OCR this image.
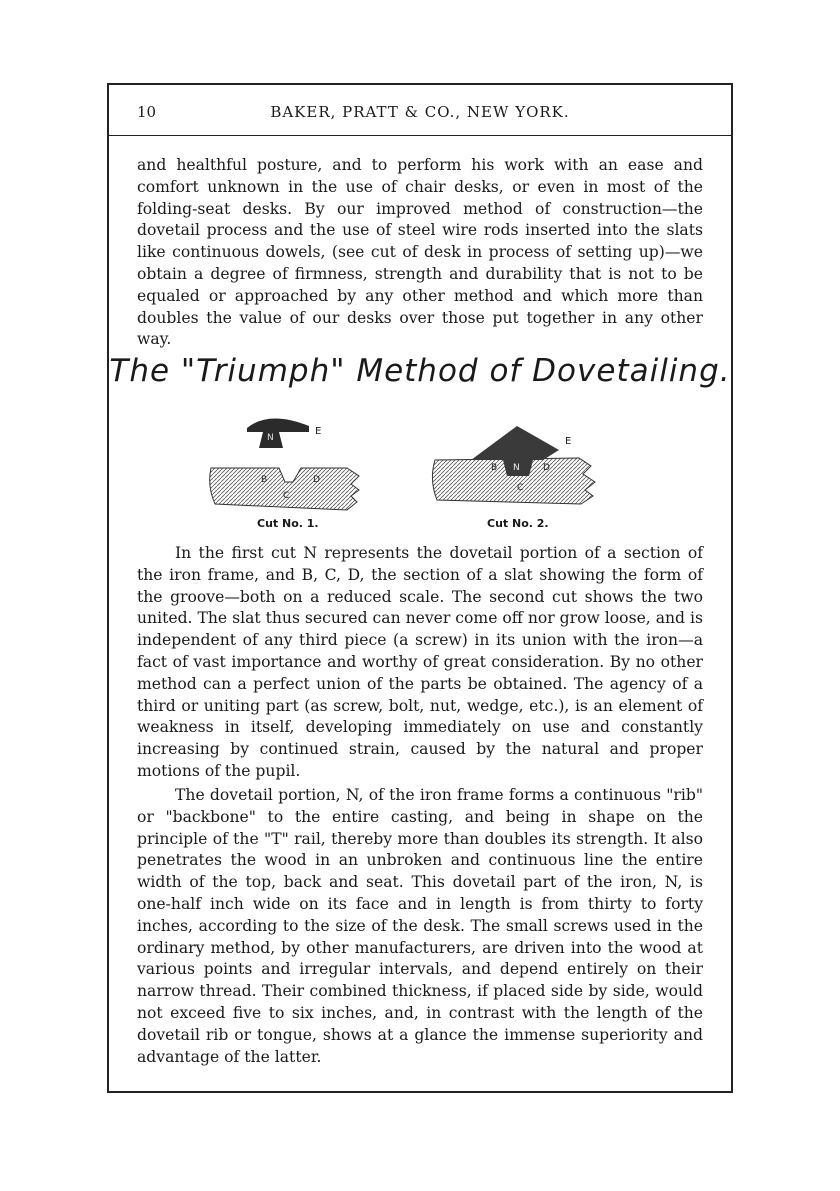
10	BAKER, PRATT & CO., NEW YORK.

and healthful posture, and to perform his work with an ease and comfort unknown in the use of chair desks, or even in most of the folding-seat desks. By our improved method of construction—the dovetail process and the use of steel wire rods inserted into the slats like continuous dowels, (see cut of desk in process of setting up)—we obtain a degree of firmness, strength and durability that is not to be equaled or approached by any other method and which more than doubles the value of our desks over those put together in any other way.

The "Triumph" Method of Dovetailing.
N
E
B
C
D
Cut No. 1.
N
E
B
C
D
Cut No. 2.

In the first cut N represents the dovetail portion of a section of the iron frame, and B, C, D, the section of a slat showing the form of the groove—both on a reduced scale. The second cut shows the two united. The slat thus secured can never come off nor grow loose, and is independent of any third piece (a screw) in its union with the iron—a fact of vast importance and worthy of great consideration. By no other method can a perfect union of the parts be obtained. The agency of a third or uniting part (as screw, bolt, nut, wedge, etc.), is an element of weakness in itself, developing immediately on use and constantly increasing by continued strain, caused by the natural and proper motions of the pupil.

The dovetail portion, N, of the iron frame forms a continuous "rib" or "backbone" to the entire casting, and being in shape on the principle of the "T" rail, thereby more than doubles its strength. It also penetrates the wood in an unbroken and continuous line the entire width of the top, back and seat. This dovetail part of the iron, N, is one-half inch wide on its face and in length is from thirty to forty inches, according to the size of the desk. The small screws used in the ordinary method, by other manufacturers, are driven into the wood at various points and irregular intervals, and depend entirely on their narrow thread. Their combined thickness, if placed side by side, would not exceed five to six inches, and, in contrast with the length of the dovetail rib or tongue, shows at a glance the immense superiority and advantage of the latter.
